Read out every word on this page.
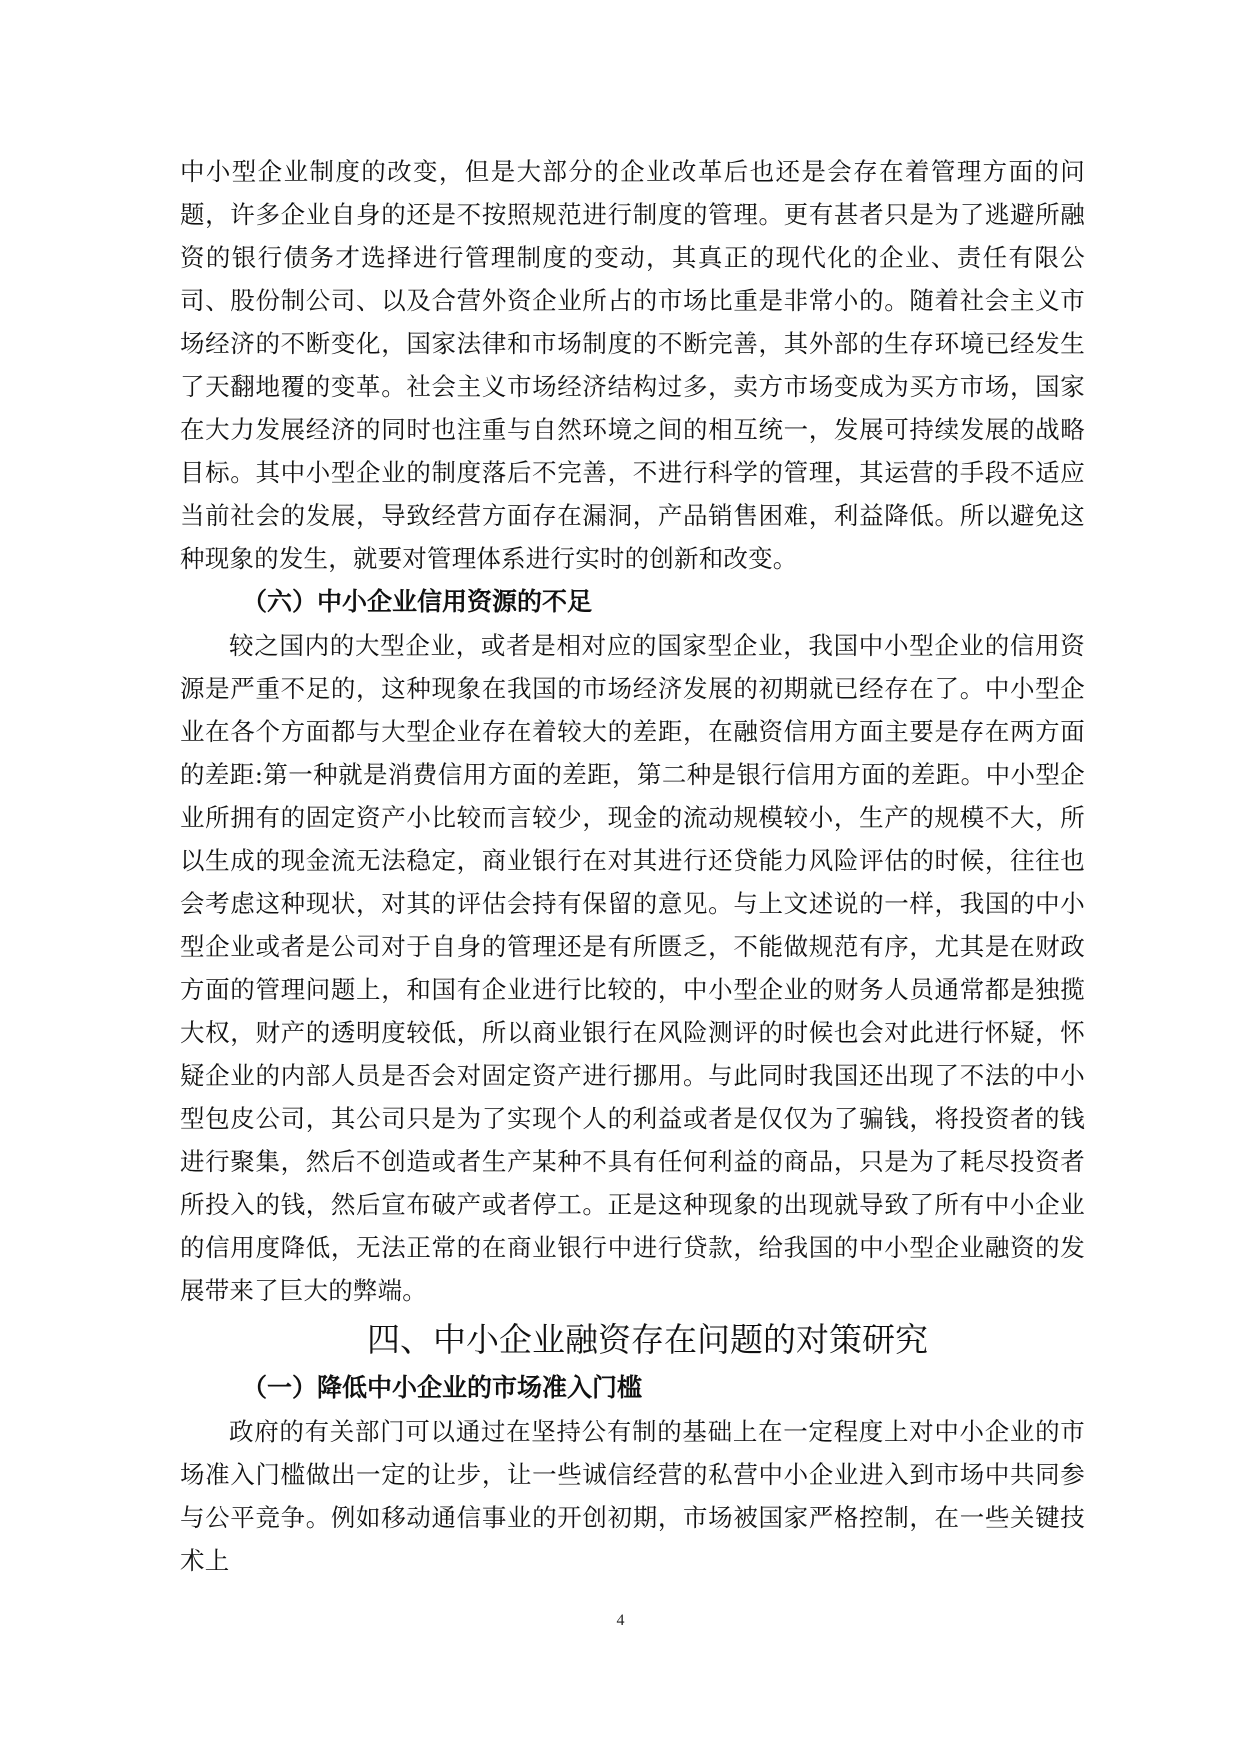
中小型企业制度的改变，但是大部分的企业改革后也还是会存在着管理方面的问题，许多企业自身的还是不按照规范进行制度的管理。更有甚者只是为了逃避所融资的银行债务才选择进行管理制度的变动，其真正的现代化的企业、责任有限公司、股份制公司、以及合营外资企业所占的市场比重是非常小的。随着社会主义市场经济的不断变化，国家法律和市场制度的不断完善，其外部的生存环境已经发生了天翻地覆的变革。社会主义市场经济结构过多，卖方市场变成为买方市场，国家在大力发展经济的同时也注重与自然环境之间的相互统一，发展可持续发展的战略目标。其中小型企业的制度落后不完善，不进行科学的管理，其运营的手段不适应当前社会的发展，导致经营方面存在漏洞，产品销售困难，利益降低。所以避免这种现象的发生，就要对管理体系进行实时的创新和改变。

（六）中小企业信用资源的不足

较之国内的大型企业，或者是相对应的国家型企业，我国中小型企业的信用资源是严重不足的，这种现象在我国的市场经济发展的初期就已经存在了。中小型企业在各个方面都与大型企业存在着较大的差距，在融资信用方面主要是存在两方面的差距:第一种就是消费信用方面的差距，第二种是银行信用方面的差距。中小型企业所拥有的固定资产小比较而言较少，现金的流动规模较小，生产的规模不大，所以生成的现金流无法稳定，商业银行在对其进行还贷能力风险评估的时候，往往也会考虑这种现状，对其的评估会持有保留的意见。与上文述说的一样，我国的中小型企业或者是公司对于自身的管理还是有所匮乏，不能做规范有序，尤其是在财政方面的管理问题上，和国有企业进行比较的，中小型企业的财务人员通常都是独揽大权，财产的透明度较低，所以商业银行在风险测评的时候也会对此进行怀疑，怀疑企业的内部人员是否会对固定资产进行挪用。与此同时我国还出现了不法的中小型包皮公司，其公司只是为了实现个人的利益或者是仅仅为了骗钱，将投资者的钱进行聚集，然后不创造或者生产某种不具有任何利益的商品，只是为了耗尽投资者所投入的钱，然后宣布破产或者停工。正是这种现象的出现就导致了所有中小企业的信用度降低，无法正常的在商业银行中进行贷款，给我国的中小型企业融资的发展带来了巨大的弊端。

四、中小企业融资存在问题的对策研究
（一）降低中小企业的市场准入门槛

政府的有关部门可以通过在坚持公有制的基础上在一定程度上对中小企业的市场准入门槛做出一定的让步，让一些诚信经营的私营中小企业进入到市场中共同参与公平竞争。例如移动通信事业的开创初期，市场被国家严格控制，在一些关键技术上

4
